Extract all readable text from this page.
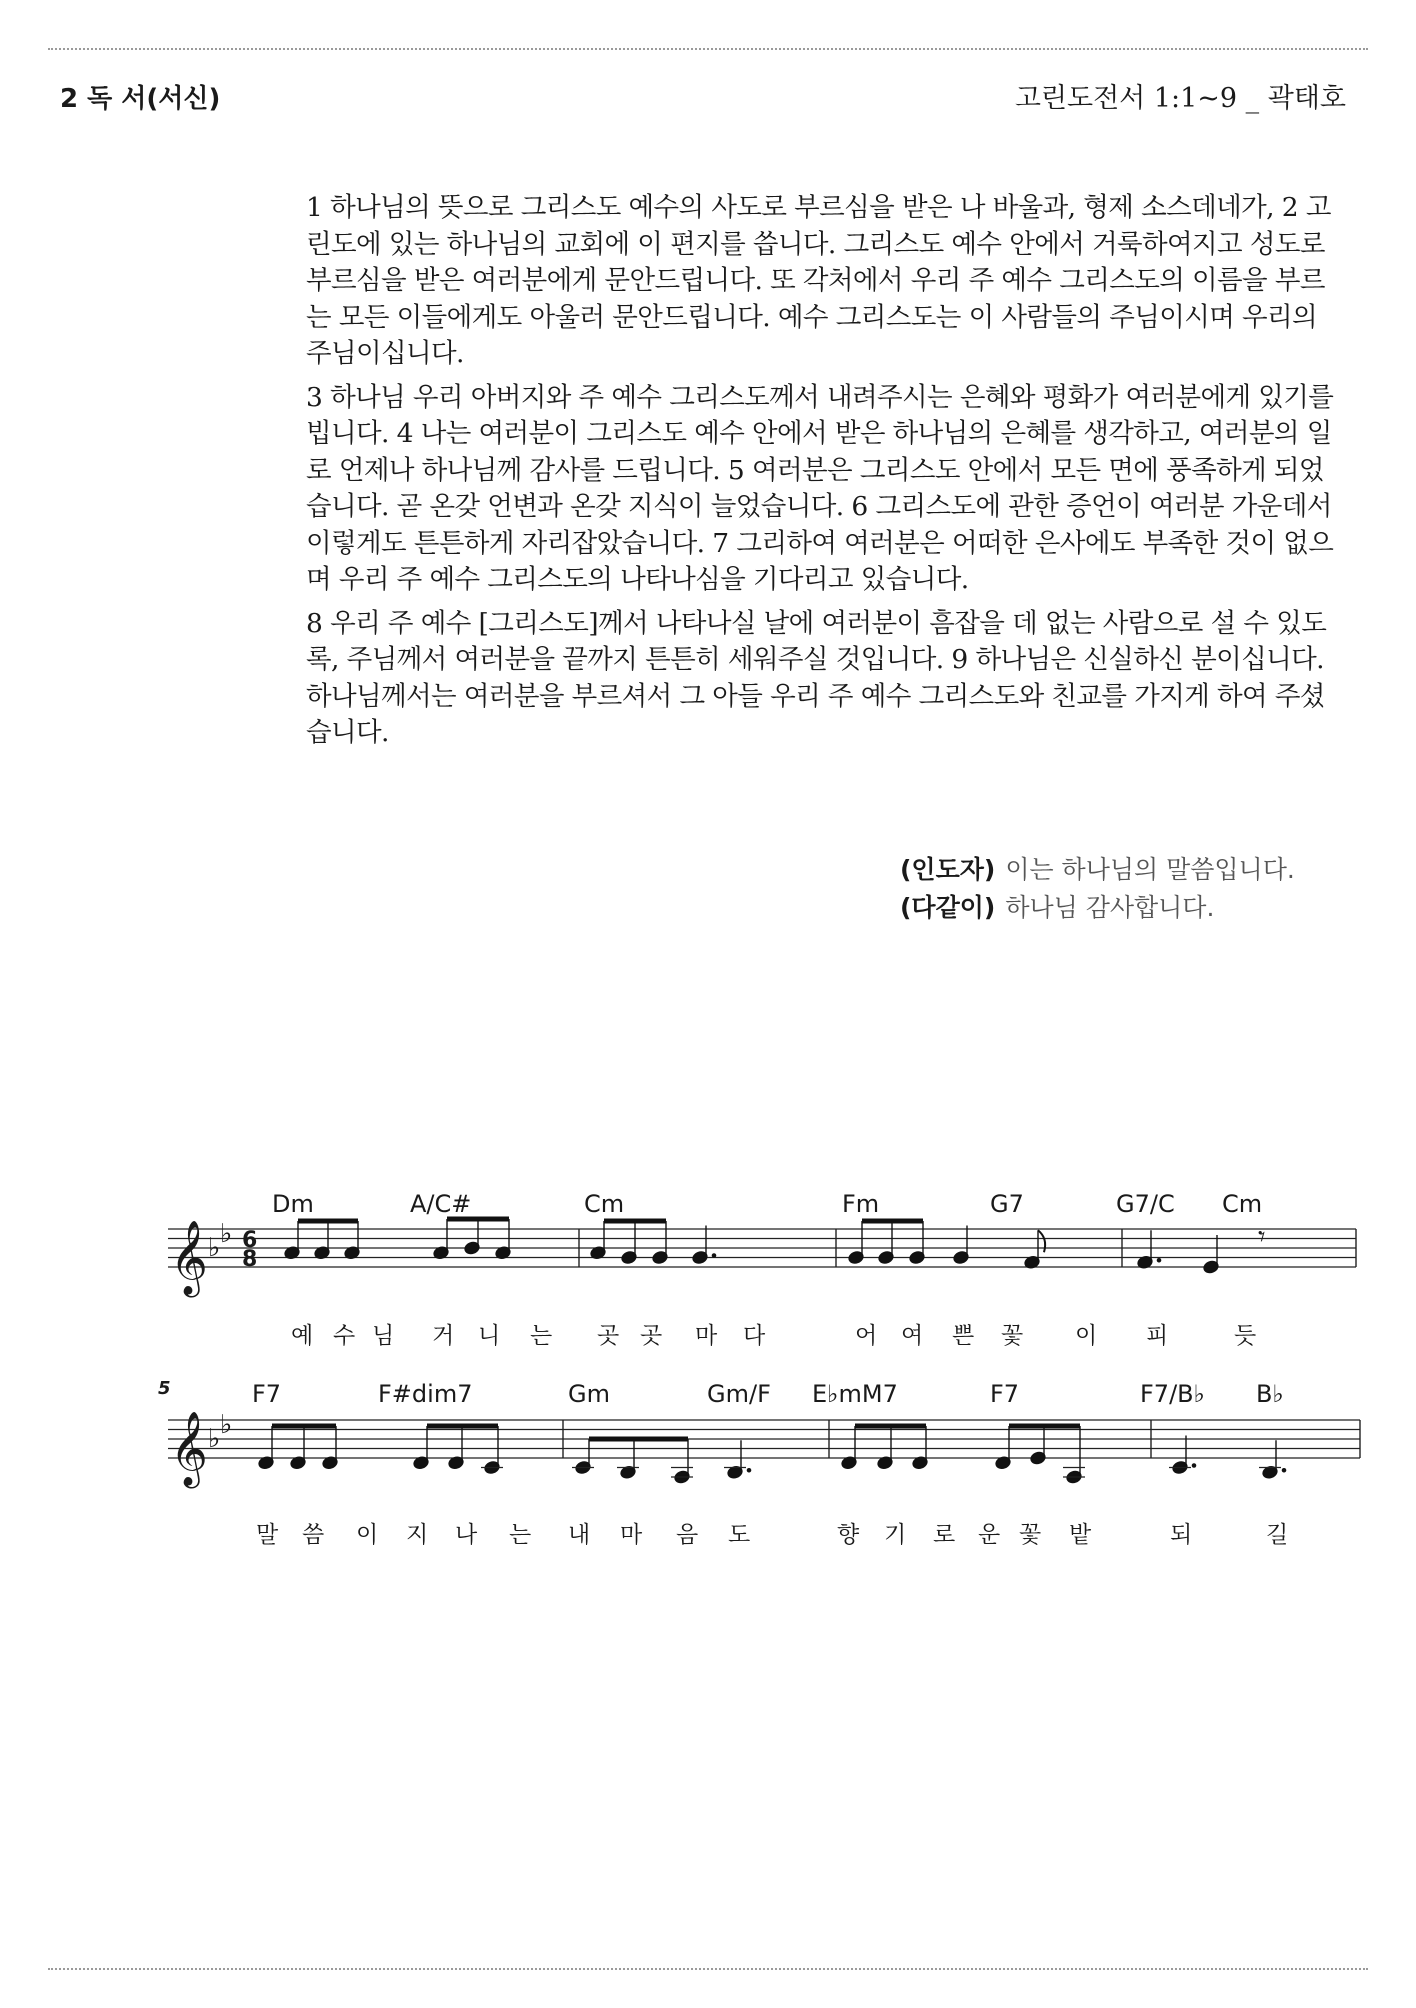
2 독 서(서신)	고린도전서 1:1~9 _ 곽태호

1 하나님의 뜻으로 그리스도 예수의 사도로 부르심을 받은 나 바울과, 형제 소스데네가, 2 고린도에 있는 하나님의 교회에 이 편지를 씁니다. 그리스도 예수 안에서 거룩하여지고 성도로 부르심을 받은 여러분에게 문안드립니다. 또 각처에서 우리 주 예수 그리스도의 이름을 부르는 모든 이들에게도 아울러 문안드립니다. 예수 그리스도는 이 사람들의 주님이시며 우리의 주님이십니다.

3 하나님 우리 아버지와 주 예수 그리스도께서 내려주시는 은혜와 평화가 여러분에게 있기를 빕니다. 4 나는 여러분이 그리스도 예수 안에서 받은 하나님의 은혜를 생각하고, 여러분의 일로 언제나 하나님께 감사를 드립니다. 5 여러분은 그리스도 안에서 모든 면에 풍족하게 되었습니다. 곧 온갖 언변과 온갖 지식이 늘었습니다. 6 그리스도에 관한 증언이 여러분 가운데서 이렇게도 튼튼하게 자리잡았습니다. 7 그리하여 여러분은 어떠한 은사에도 부족한 것이 없으며 우리 주 예수 그리스도의 나타나심을 기다리고 있습니다.

8 우리 주 예수 [그리스도]께서 나타나실 날에 여러분이 흠잡을 데 없는 사람으로 설 수 있도록, 주님께서 여러분을 끝까지 튼튼히 세워주실 것입니다. 9 하나님은 신실하신 분이십니다. 하나님께서는 여러분을 부르셔서 그 아들 우리 주 예수 그리스도와 친교를 가지게 하여 주셨습니다.

(인도자) 이는 하나님의 말씀입니다.
(다같이) 하나님 감사합니다.
𝄞 ♭ ♭ 6
8
Dm	A/C#	Cm	Fm	G7	G7/C Cm
𝄾
예 수 님 거 니 는 곳 곳 마 다	어 여 쁜 꽃 이 피	듯
𝄞 ♭ ♭
5	F7	F#dim7	Gm	Gm/F E♭mM7	F7	F7/B♭ B♭
말 씀 이 지 나 는 내 마 음 도	향 기 로 운 꽃 밭	되	길
